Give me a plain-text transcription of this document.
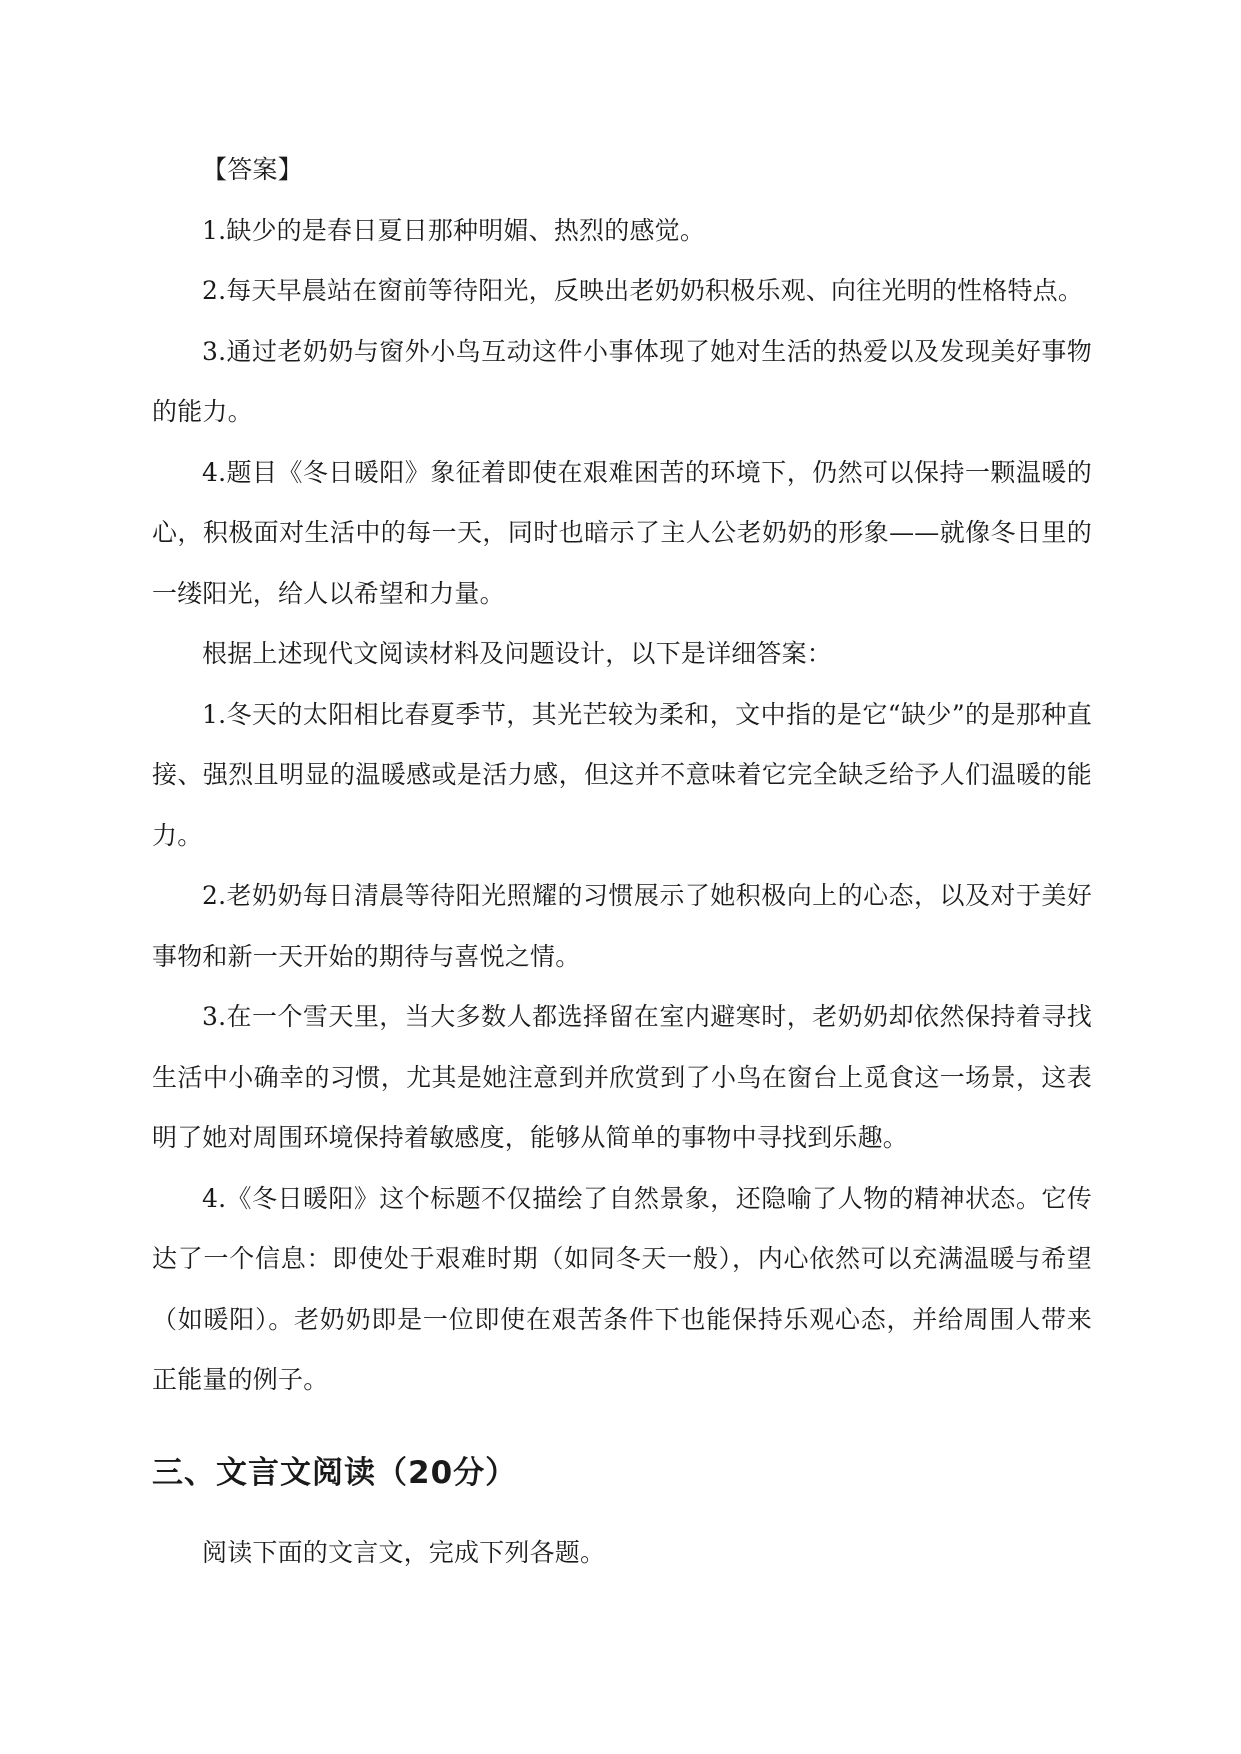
【答案】

1.缺少的是春日夏日那种明媚、热烈的感觉。

2.每天早晨站在窗前等待阳光，反映出老奶奶积极乐观、向往光明的性格特点。

3.通过老奶奶与窗外小鸟互动这件小事体现了她对生活的热爱以及发现美好事物的能力。

4.题目《冬日暖阳》象征着即使在艰难困苦的环境下，仍然可以保持一颗温暖的心，积极面对生活中的每一天，同时也暗示了主人公老奶奶的形象——就像冬日里的一缕阳光，给人以希望和力量。

根据上述现代文阅读材料及问题设计，以下是详细答案：

1.冬天的太阳相比春夏季节，其光芒较为柔和，文中指的是它“缺少”的是那种直接、强烈且明显的温暖感或是活力感，但这并不意味着它完全缺乏给予人们温暖的能力。

2.老奶奶每日清晨等待阳光照耀的习惯展示了她积极向上的心态，以及对于美好事物和新一天开始的期待与喜悦之情。

3.在一个雪天里，当大多数人都选择留在室内避寒时，老奶奶却依然保持着寻找生活中小确幸的习惯，尤其是她注意到并欣赏到了小鸟在窗台上觅食这一场景，这表明了她对周围环境保持着敏感度，能够从简单的事物中寻找到乐趣。

4.《冬日暖阳》这个标题不仅描绘了自然景象，还隐喻了人物的精神状态。它传达了一个信息：即使处于艰难时期（如同冬天一般），内心依然可以充满温暖与希望（如暖阳）。老奶奶即是一位即使在艰苦条件下也能保持乐观心态，并给周围人带来正能量的例子。

三、文言文阅读（20分）

阅读下面的文言文，完成下列各题。
